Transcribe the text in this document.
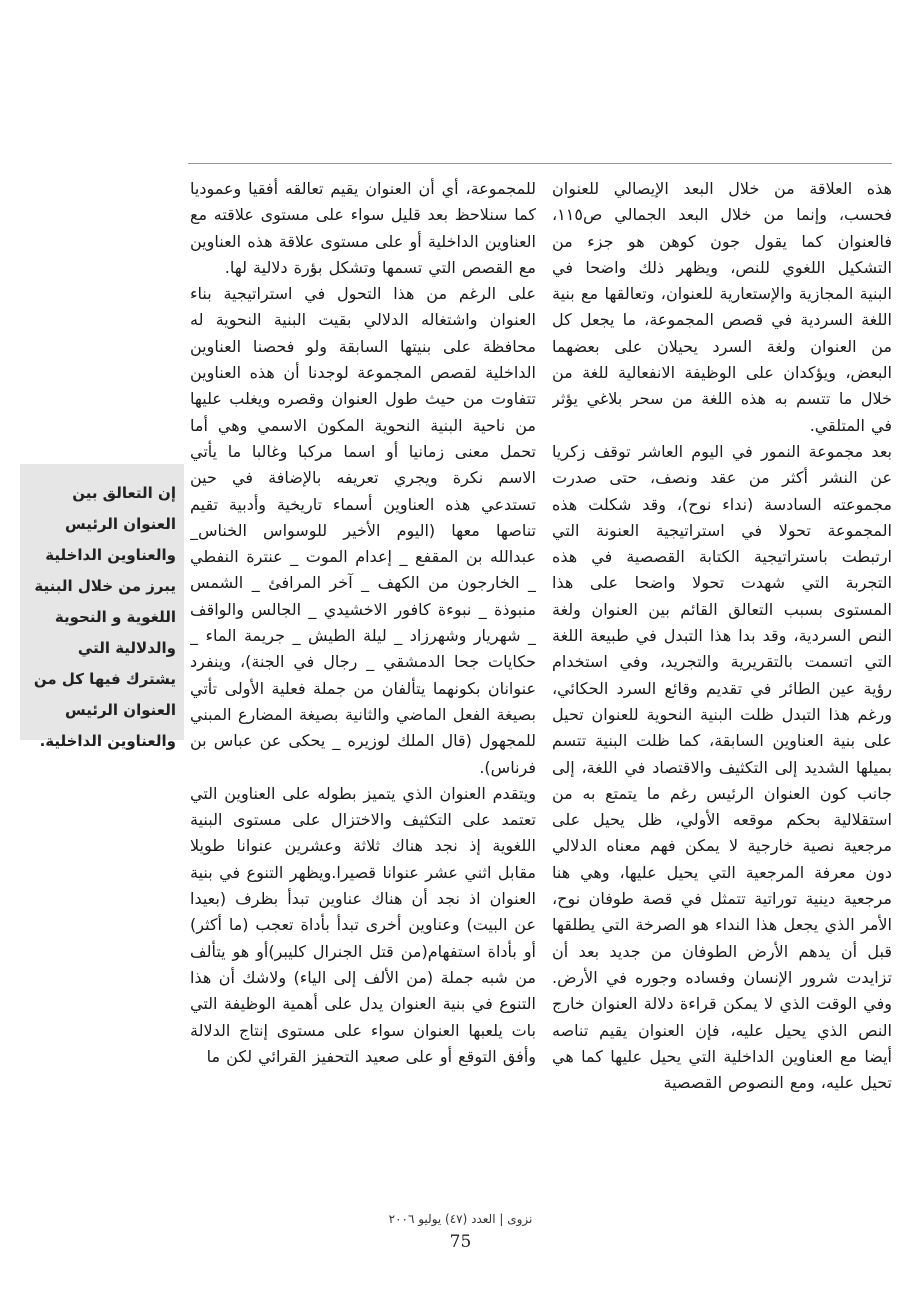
هذه العلاقة من خلال البعد الإيصالي للعنوان فحسب، وإنما من خلال البعد الجمالي ص١١٥، فالعنوان كما يقول جون كوهن هو جزء من التشكيل اللغوي للنص، ويظهر ذلك واضحا في البنية المجازية والإستعارية للعنوان، وتعالقها مع بنية اللغة السردية في قصص المجموعة، ما يجعل كل من العنوان ولغة السرد يحيلان على بعضهما البعض، ويؤكدان على الوظيفة الانفعالية للغة من خلال ما تتسم به هذه اللغة من سحر بلاغي يؤثر في المتلقي.

بعد مجموعة النمور في اليوم العاشر توقف زكريا عن النشر أكثر من عقد ونصف، حتى صدرت مجموعته السادسة (نداء نوح)، وقد شكلت هذه المجموعة تحولا في استراتيجية العنونة التي ارتبطت باستراتيجية الكتابة القصصية في هذه التجربة التي شهدت تحولا واضحا على هذا المستوى بسبب التعالق القائم بين العنوان ولغة النص السردية، وقد بدا هذا التبدل في طبيعة اللغة التي اتسمت بالتقريرية والتجريد، وفي استخدام رؤية عين الطائر في تقديم وقائع السرد الحكائي، ورغم هذا التبدل ظلت البنية النحوية للعنوان تحيل على بنية العناوين السابقة، كما ظلت البنية تتسم بميلها الشديد إلى التكثيف والاقتصاد في اللغة، إلى جانب كون العنوان الرئيس رغم ما يتمتع به من استقلالية بحكم موقعه الأولي، ظل يحيل على مرجعية نصية خارجية لا يمكن فهم معناه الدلالي دون معرفة المرجعية التي يحيل عليها، وهي هنا مرجعية دينية توراتية تتمثل في قصة طوفان نوح، الأمر الذي يجعل هذا النداء هو الصرخة التي يطلقها قبل أن يدهم الأرض الطوفان من جديد بعد أن تزايدت شرور الإنسان وفساده وجوره في الأرض. وفي الوقت الذي لا يمكن قراءة دلالة العنوان خارج النص الذي يحيل عليه، فإن العنوان يقيم تناصه أيضا مع العناوين الداخلية التي يحيل عليها كما هي تحيل عليه، ومع النصوص القصصية

للمجموعة، أي أن العنوان يقيم تعالقه أفقيا وعموديا كما سنلاحظ بعد قليل سواء على مستوى علاقته مع العناوين الداخلية أو على مستوى علاقة هذه العناوين مع القصص التي تسمها وتشكل بؤرة دلالية لها.

على الرغم من هذا التحول في استراتيجية بناء العنوان واشتغاله الدلالي بقيت البنية النحوية له محافظة على بنيتها السابقة ولو فحصنا العناوين الداخلية لقصص المجموعة لوجدنا أن هذه العناوين تتفاوت من حيث طول العنوان وقصره ويغلب عليها من ناحية البنية النحوية المكون الاسمي وهي أما تحمل معنى زمانيا أو اسما مركبا وغالبا ما يأتي الاسم نكرة ويجري تعريفه بالإضافة في حين تستدعي هذه العناوين أسماء تاريخية وأدبية تقيم تناصها معها (اليوم الأخير للوسواس الخناس_ عبدالله بن المقفع _ إعدام الموت _ عنترة النفطي _ الخارجون من الكهف _ آخر المرافئ _ الشمس منبوذة _ نبوءة كافور الاخشيدي _ الجالس والواقف _ شهريار وشهرزاد _ ليلة الطيش _ جريمة الماء _ حكايات جحا الدمشقي _ رجال في الجنة)، وينفرد عنوانان بكونهما يتألفان من جملة فعلية الأولى تأتي بصيغة الفعل الماضي والثانية بصيغة المضارع المبني للمجهول (قال الملك لوزيره _ يحكى عن عباس بن فرناس).

ويتقدم العنوان الذي يتميز بطوله على العناوين التي تعتمد على التكثيف والاختزال على مستوى البنية اللغوية إذ نجد هناك ثلاثة وعشرين عنوانا طويلا مقابل اثني عشر عنوانا قصيرا.ويظهر التنوع في بنية العنوان اذ نجد أن هناك عناوين تبدأ بظرف (بعيدا عن البيت) وعناوين أخرى تبدأ بأداة تعجب (ما أكثر) أو بأداة استفهام(من قتل الجنرال كليبر)أو هو يتألف من شبه جملة (من الألف إلى الياء) ولاشك أن هذا التنوع في بنية العنوان يدل على أهمية الوظيفة التي بات يلعبها العنوان سواء على مستوى إنتاج الدلالة وأفق التوقع أو على صعيد التحفيز القرائي لكن ما

إن التعالق بين العنوان الرئيس والعناوين الداخلية يبرز من خلال البنية اللغوية و النحوية والدلالية التي يشترك فيها كل من العنوان الرئيس والعناوين الداخلية.
نزوى | العدد (٤٧) يوليو ٢٠٠٦
75
